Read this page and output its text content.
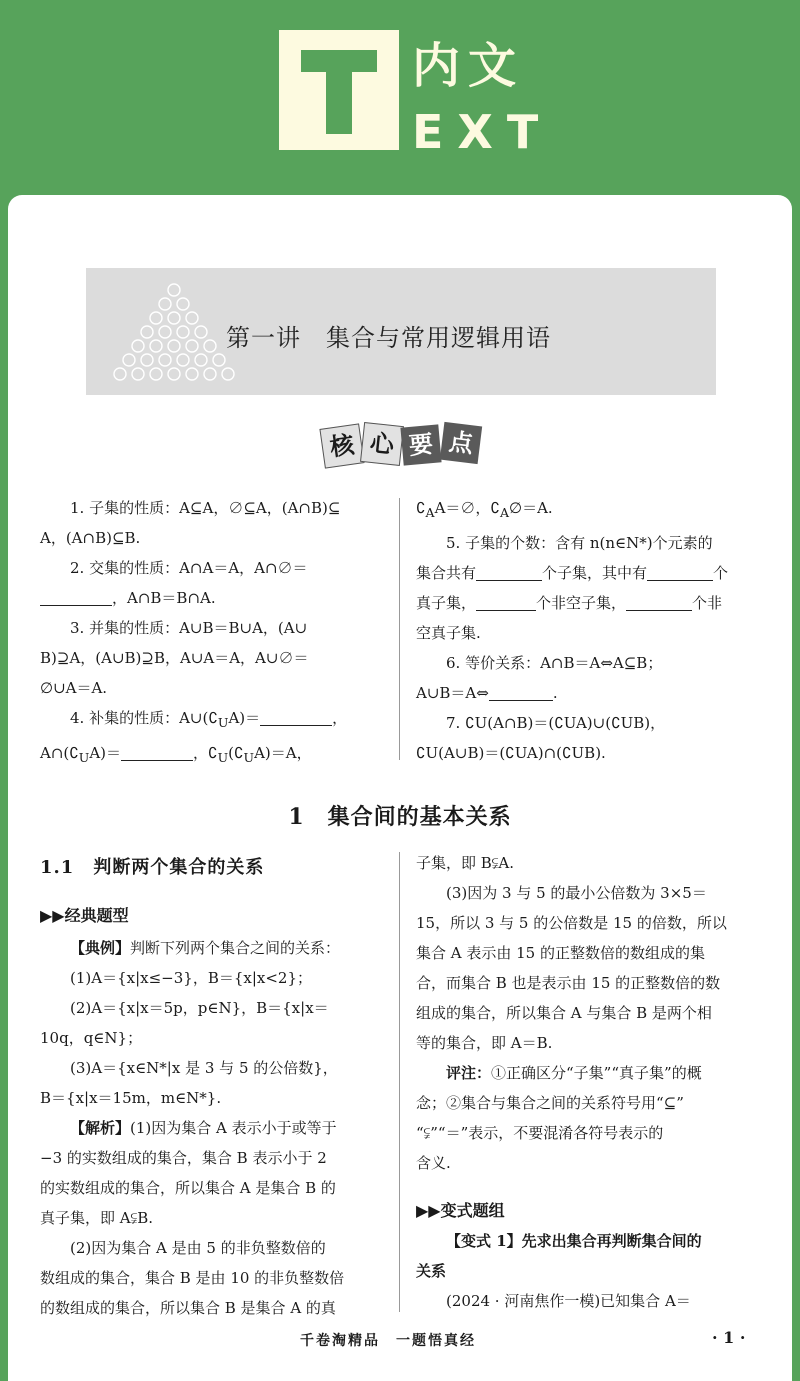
内文
EXT
第一讲　集合与常用逻辑用语
核 心 要 点

1. 子集的性质：A⊆A，∅⊆A，(A∩B)⊆

A，(A∩B)⊆B.

2. 交集的性质：A∩A＝A，A∩∅＝

，A∩B＝B∩A.

3. 并集的性质：A∪B＝B∪A，(A∪

B)⊇A，(A∪B)⊇B，A∪A＝A，A∪∅＝

∅∪A＝A.

4. 补集的性质：$A\cup(∁_UA)=$	，

$A\cap(∁_UA)=$	，$∁_U(∁_UA)=A$，

$∁_AA=\emptyset$，$∁_A\emptyset=A$.

5. 子集的个数：含有 n(n∈N*)个元素的

集合共有	个子集，其中有	个

真子集，	个非空子集，	个非

空真子集.

6. 等价关系：A∩B＝A⇔A⊆B；

A∪B＝A⇔	.

7. ∁U(A∩B)＝(∁UA)∪(∁UB)，

∁U(A∪B)＝(∁UA)∩(∁UB).

1　集合间的基本关系
1.1　判断两个集合的关系
▶▶经典题型

【典例】判断下列两个集合之间的关系：

(1)A＝{x|x≤−3}，B＝{x|x<2}；

(2)A＝{x|x＝5p，p∈N}，B＝{x|x＝

10q，q∈N}；

(3)A＝{x∈N*|x 是 3 与 5 的公倍数}，

B＝{x|x＝15m，m∈N*}.

【解析】(1)因为集合 A 表示小于或等于

−3 的实数组成的集合，集合 B 表示小于 2

的实数组成的集合，所以集合 A 是集合 B 的

真子集，即 A⫋B.

(2)因为集合 A 是由 5 的非负整数倍的

数组成的集合，集合 B 是由 10 的非负整数倍

的数组成的集合，所以集合 B 是集合 A 的真

子集，即 B⫋A.

(3)因为 3 与 5 的最小公倍数为 3×5＝

15，所以 3 与 5 的公倍数是 15 的倍数，所以

集合 A 表示由 15 的正整数倍的数组成的集

合，而集合 B 也是表示由 15 的正整数倍的数

组成的集合，所以集合 A 与集合 B 是两个相

等的集合，即 A＝B.

评注：①正确区分“子集”“真子集”的概

念；②集合与集合之间的关系符号用“⊆”

“⫋”“＝”表示，不要混淆各符号表示的

含义.

▶▶变式题组

【变式 1】先求出集合再判断集合间的

关系

(2024 · 河南焦作一模)已知集合 A＝

千卷淘精品　一题悟真经	· 1 ·
